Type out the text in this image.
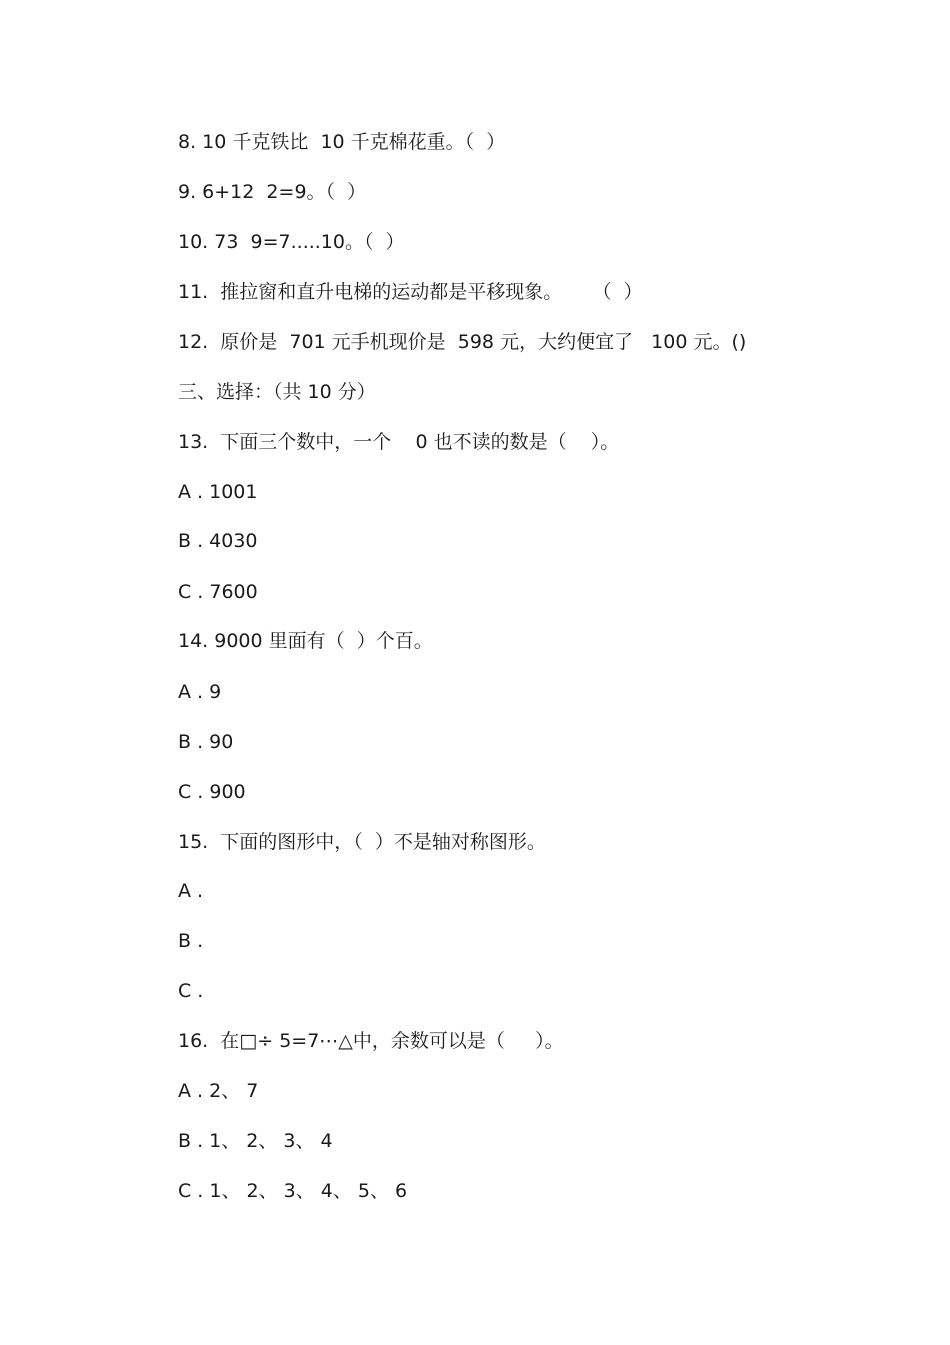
8. 10 千克铁比  10 千克棉花重。（  ）
9. 6+12  2=9。（  ）
10. 73  9=7.....10。（  ）
11.  推拉窗和直升电梯的运动都是平移现象。     （  ）
12.  原价是  701 元手机现价是  598 元，大约便宜了   100 元。()
三、选择：（共 10 分）
13.  下面三个数中，一个    0 也不读的数是（    ）。
A . 1001
B . 4030
C . 7600
14. 9000 里面有（  ）个百。
A . 9
B . 90
C . 900
15.  下面的图形中，（  ）不是轴对称图形。
A .
B .
C .
16.  在□÷ 5=7⋯△中，余数可以是（     ）。
A . 2、 7
B . 1、 2、 3、 4
C . 1、 2、 3、 4、 5、 6
